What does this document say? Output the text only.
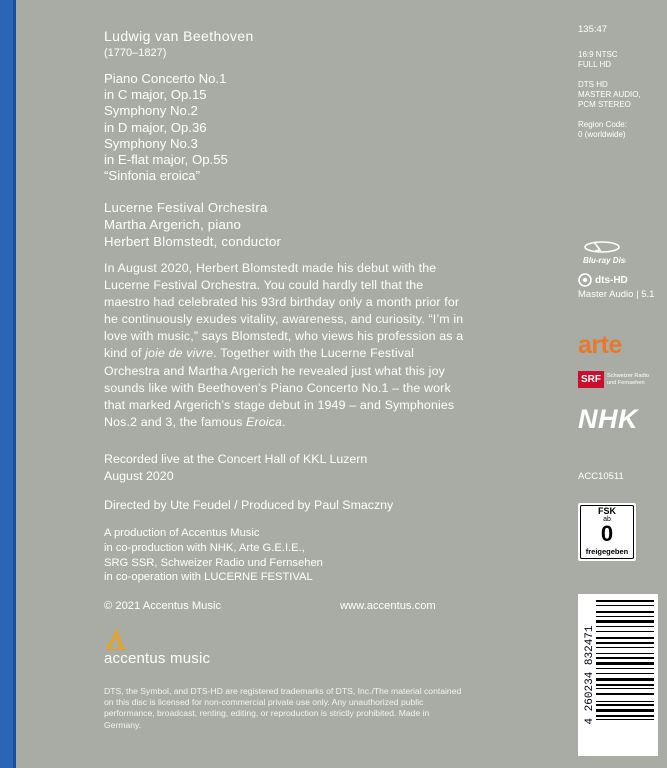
Ludwig van Beethoven
(1770–1827)
Piano Concerto No.1
in C major, Op.15
Symphony No.2
in D major, Op.36
Symphony No.3
in E-flat major, Op.55
“Sinfonia eroica”
Lucerne Festival Orchestra
Martha Argerich, piano
Herbert Blomstedt, conductor
In August 2020, Herbert Blomstedt made his debut with the Lucerne Festival Orchestra. You could hardly tell that the maestro had celebrated his 93rd birthday only a month prior for he continuously exudes vitality, awareness, and curiosity. “I’m in love with music,” says Blomstedt, who views his profession as a kind of joie de vivre. Together with the Lucerne Festival Orchestra and Martha Argerich he revealed just what this joy sounds like with Beethoven’s Piano Concerto No.1 – the work that marked Argerich’s stage debut in 1949 – and Symphonies Nos.2 and 3, the famous Eroica.
Recorded live at the Concert Hall of KKL Luzern
August 2020
Directed by Ute Feudel / Produced by Paul Smaczny
A production of Accentus Music
in co-production with NHK, Arte G.E.I.E.,
SRG SSR, Schweizer Radio und Fernsehen
in co-operation with LUCERNE FESTIVAL
© 2021 Accentus Music	www.accentus.com
accentus music
DTS, the Symbol, and DTS-HD are registered trademarks of DTS, Inc./The material contained on this disc is licensed for non-commercial private use only. Any unauthorized public performance, broadcast, renting, editing, or reproduction is strictly prohibited. Made in Germany.
135:47
16:9 NTSC
FULL HD
DTS HD
MASTER AUDIO,
PCM STEREO
Region Code:
0 (worldwide)
Blu-ray Disc
dts-HD
Master Audio | 5.1
arte
SRF	Schweizer Radio
und Fernsehen
NHK
ACC10511
FSK
ab
0
freigegeben
4 260234 832471
